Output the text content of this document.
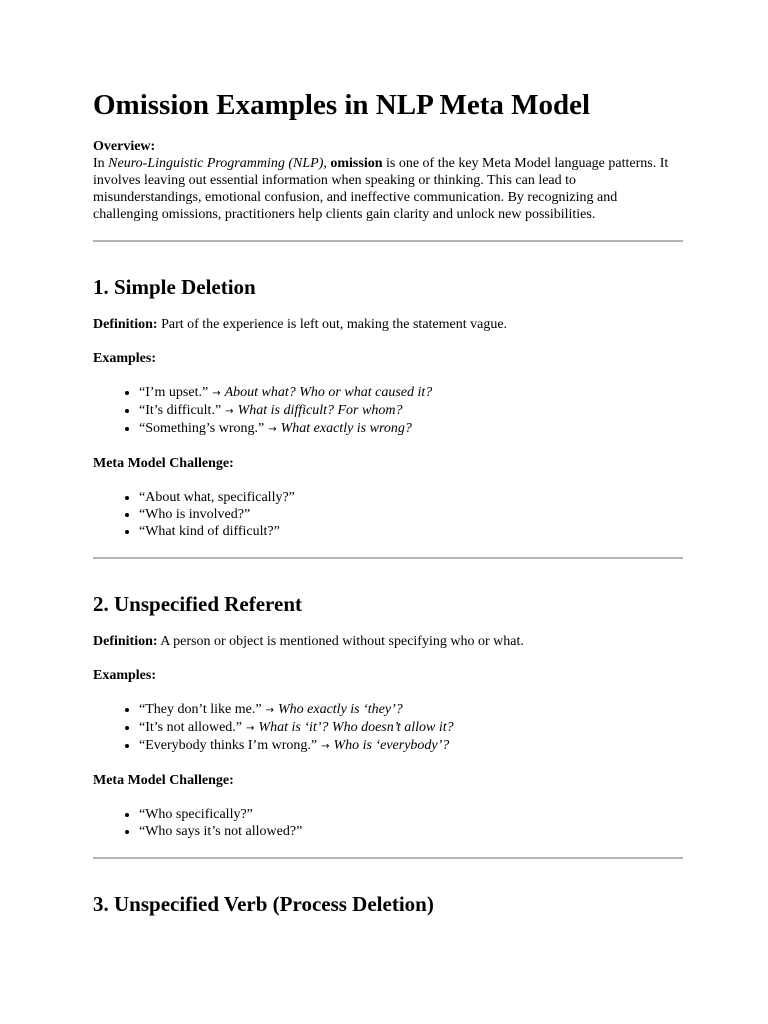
Omission Examples in NLP Meta Model
Overview:

In Neuro-Linguistic Programming (NLP), omission is one of the key Meta Model language patterns. It involves leaving out essential information when speaking or thinking. This can lead to misunderstandings, emotional confusion, and ineffective communication. By recognizing and challenging omissions, practitioners help clients gain clarity and unlock new possibilities.

1. Simple Deletion

Definition: Part of the experience is left out, making the statement vague.

Examples:

• “I’m upset.” → About what? Who or what caused it?
• “It’s difficult.” → What is difficult? For whom?
• “Something’s wrong.” → What exactly is wrong?

Meta Model Challenge:

• “About what, specifically?”
• “Who is involved?”
• “What kind of difficult?”
2. Unspecified Referent

Definition: A person or object is mentioned without specifying who or what.

Examples:

• “They don’t like me.” → Who exactly is ‘they’?
• “It’s not allowed.” → What is ‘it’? Who doesn’t allow it?
• “Everybody thinks I’m wrong.” → Who is ‘everybody’?

Meta Model Challenge:

• “Who specifically?”
• “Who says it’s not allowed?”
3. Unspecified Verb (Process Deletion)
